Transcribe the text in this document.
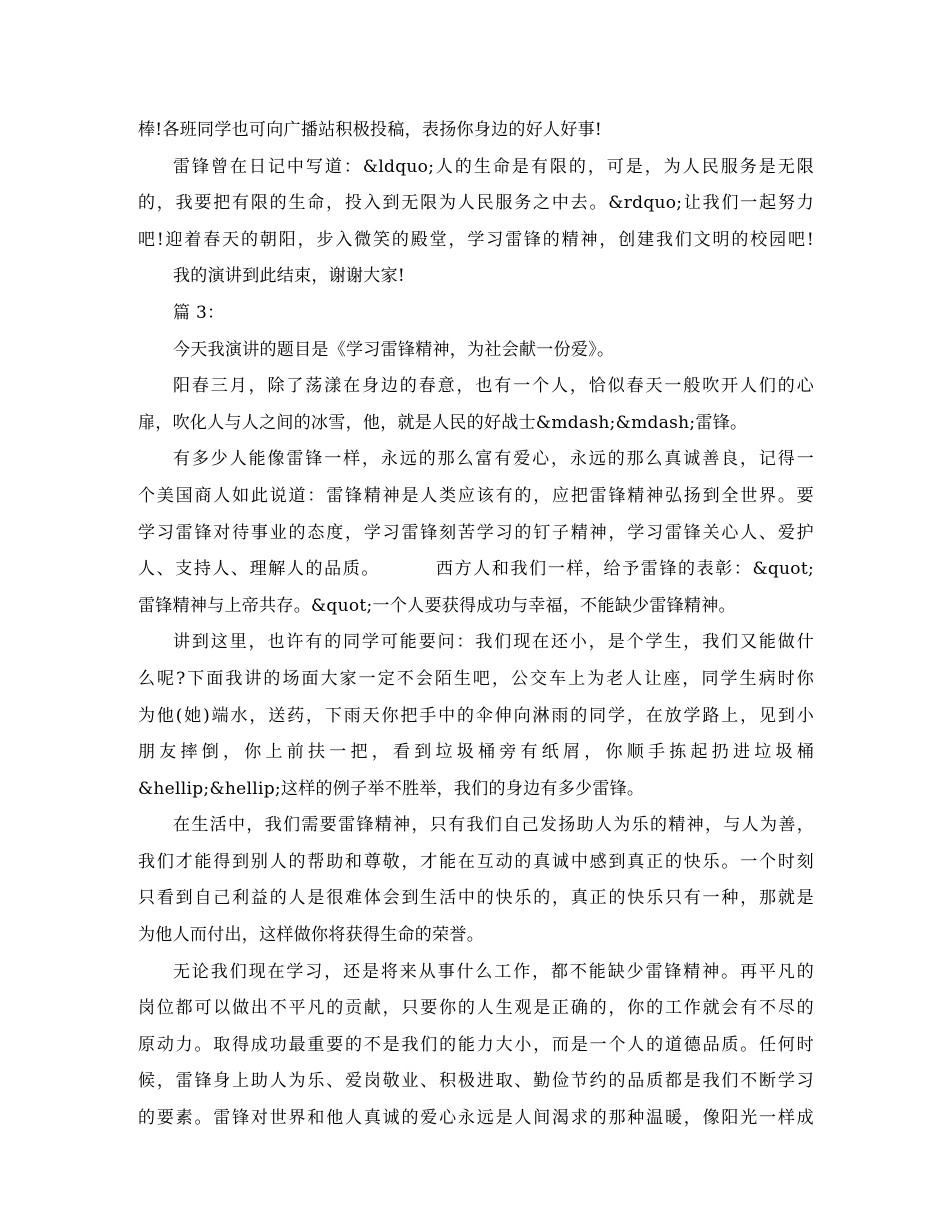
棒!各班同学也可向广播站积极投稿，表扬你身边的好人好事!
雷锋曾在日记中写道：&ldquo;人的生命是有限的，可是，为人民服务是无限
的，我要把有限的生命，投入到无限为人民服务之中去。&rdquo;让我们一起努力
吧!迎着春天的朝阳，步入微笑的殿堂，学习雷锋的精神，创建我们文明的校园吧!
我的演讲到此结束，谢谢大家!
篇 3：
今天我演讲的题目是《学习雷锋精神，为社会献一份爱》。
阳春三月，除了荡漾在身边的春意，也有一个人，恰似春天一般吹开人们的心
扉，吹化人与人之间的冰雪，他，就是人民的好战士&mdash;&mdash;雷锋。
有多少人能像雷锋一样，永远的那么富有爱心，永远的那么真诚善良，记得一
个美国商人如此说道：雷锋精神是人类应该有的，应把雷锋精神弘扬到全世界。要
学习雷锋对待事业的态度，学习雷锋刻苦学习的钉子精神，学习雷锋关心人、爱护
人、支持人、理解人的品质。        西方人和我们一样，给予雷锋的表彰：&quot;
雷锋精神与上帝共存。&quot;一个人要获得成功与幸福，不能缺少雷锋精神。
讲到这里，也许有的同学可能要问：我们现在还小，是个学生，我们又能做什
么呢?下面我讲的场面大家一定不会陌生吧，公交车上为老人让座，同学生病时你
为他(她)端水，送药，下雨天你把手中的伞伸向淋雨的同学，在放学路上，见到小
朋友摔倒，你上前扶一把，看到垃圾桶旁有纸屑，你顺手拣起扔进垃圾桶
&hellip;&hellip;这样的例子举不胜举，我们的身边有多少雷锋。
在生活中，我们需要雷锋精神，只有我们自己发扬助人为乐的精神，与人为善，
我们才能得到别人的帮助和尊敬，才能在互动的真诚中感到真正的快乐。一个时刻
只看到自己利益的人是很难体会到生活中的快乐的，真正的快乐只有一种，那就是
为他人而付出，这样做你将获得生命的荣誉。
无论我们现在学习，还是将来从事什么工作，都不能缺少雷锋精神。再平凡的
岗位都可以做出不平凡的贡献，只要你的人生观是正确的，你的工作就会有不尽的
原动力。取得成功最重要的不是我们的能力大小，而是一个人的道德品质。任何时
候，雷锋身上助人为乐、爱岗敬业、积极进取、勤俭节约的品质都是我们不断学习
的要素。雷锋对世界和他人真诚的爱心永远是人间渴求的那种温暖，像阳光一样成
